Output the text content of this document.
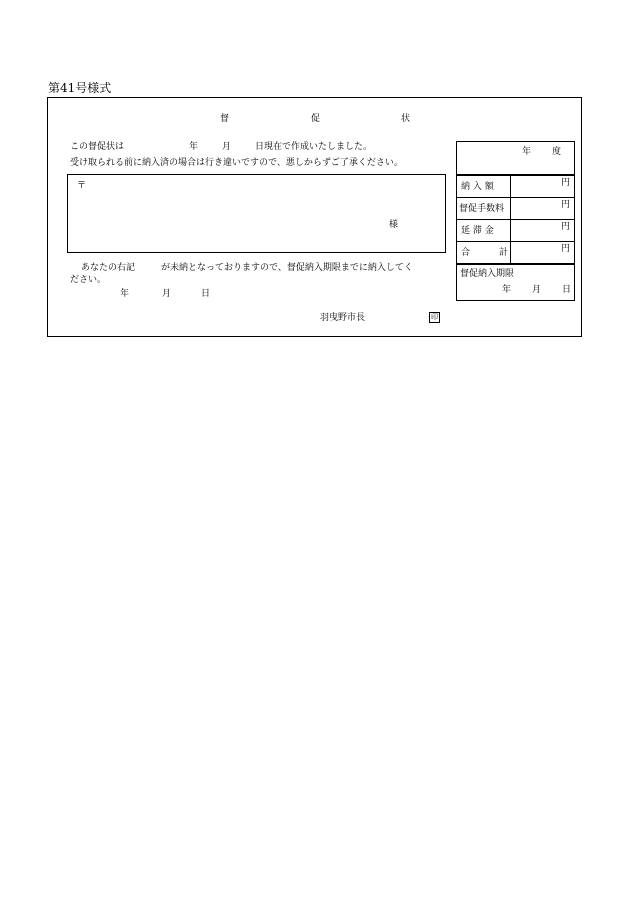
第41号様式
督	促	状
この督促状は	年	月	日現在で作成いたしました。
受け取られる前に納入済の場合は行き違いですので、悪しからずご了承ください。
〒
様
あなたの右記	が未納となっておりますので、督促納入期限までに納入してく
ださい。
年	月	日
羽曳野市長	印
年 度
納 入 額	円
督促手数料	円
延 滞 金	円
合	計	円
督促納入期限
年 月 日
